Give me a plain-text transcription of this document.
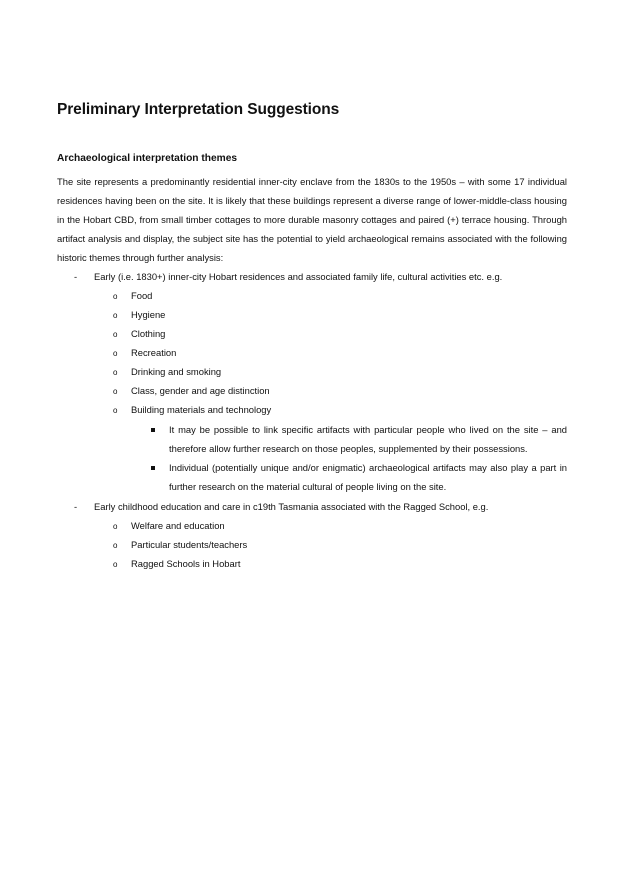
Preliminary Interpretation Suggestions
Archaeological interpretation themes
The site represents a predominantly residential inner-city enclave from the 1830s to the 1950s – with some 17 individual residences having been on the site. It is likely that these buildings represent a diverse range of lower-middle-class housing in the Hobart CBD, from small timber cottages to more durable masonry cottages and paired (+) terrace housing. Through artifact analysis and display, the subject site has the potential to yield archaeological remains associated with the following historic themes through further analysis:
- Early (i.e. 1830+) inner-city Hobart residences and associated family life, cultural activities etc. e.g.
o Food
o Hygiene
o Clothing
o Recreation
o Drinking and smoking
o Class, gender and age distinction
o Building materials and technology
It may be possible to link specific artifacts with particular people who lived on the site – and therefore allow further research on those peoples, supplemented by their possessions.
Individual (potentially unique and/or enigmatic) archaeological artifacts may also play a part in further research on the material cultural of people living on the site.
- Early childhood education and care in c19th Tasmania associated with the Ragged School, e.g.
o Welfare and education
o Particular students/teachers
o Ragged Schools in Hobart
